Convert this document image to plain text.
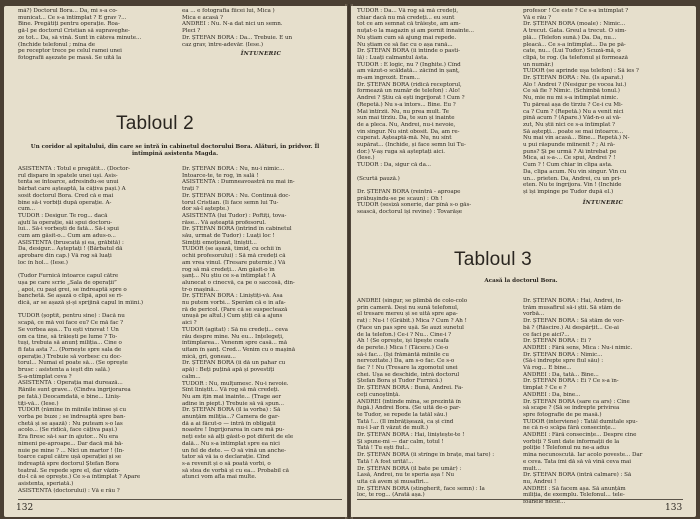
mâ?) Doctorul Bora... Da, mi s-a co-

municat... Ce s-a întîmplat ? E grav ?...

Bine. Pregătiți pentru operație. Roa-

gă-l pe doctorul Cristian să supraveghe-

ze tot... Da, să vină. Sunt în câteva minute...

(Închide telefonul ; mîna de

pe receptor trece pe celul ramei unei

fotografii așezate pe masă. Se uită la

ea ... e fotografia fiicei lui, Mica )

Mica e acasă ?

ANDREI : Nu. N-a dat nici un semn.

Pleci ?

Dr. ȘTEFAN BORA : Da... Trebuie. E un

caz grav, între-adevăr. (Iese.)

ÎNTUNERIC

Tabloul 2
Un coridor al spitalului, din care se intră în cabinetul doctorului Bora. Alături, în pridvor. Îl întîmpină asistenta Magda.

ASISTENTA : Totul e pregătit... (Doctor-

rul dispare în spatele unei uși. Asis-

tenta se întoarce, adresîndu-se unui

bărbat care așteaptă, la câțiva pași.) A

sosit doctorul Bora. Cred că e mai

bine să-i vorbiți după operație. A-

cum...

TUDOR : Desigur. Te rog... dacă

ajutî la operație, săi spui doctoru-

lui... Să-i vorbești de fată... Să-i spui

cum am găsit-o... Cum am adus-o...

ASISTENTA (bruscată și ea, grăbită) :

Da, desigur... Așteptați ! (Bărbatul dă

aprobare din cap.) Vă rog să luați

loc în hol... (Iese.)

(Tudor Furnică întoarce capul către

ușa pe care scrie „Sala de operații”

, apoi, cu pași grei, se îndreaptă spre o

banchetă. Se așază o clipă, apoi se ri-

dică, ar se așază și-și sprijină capul în mîini.)

TUDOR (șoptit, pentru sine) : Dacă nu

scapă, ce mă voi face eu? Ce mă fac ?

Se vorbea așa... Tu ești vinovat ! Un

om ca tine, să trăiești pe lume ? To-

tuși, trebuia să anunț miliția... Cine o

fi fata asta ?... (Pornește spre sala de

operație.) Trebuie să vorbesc cu doc-

torul... Numai el poate să... (Se oprește

brusc : asistenta a ieșit din sală.)

S-a-ntîmplat ceva ?

ASISTENTA : Operația mai durează...

Rănile sunt grave... (Cîndva îngrijorarea

pe fată.) Deocamdată, e bine... Liniș-

tiți-vă... (Iese.)

TUDOR (rămîne în mîinile întinse și cu

vorba pe buze ; se îndreaptă spre ban-

chetă și se așază) : Nu puteam s-o las

acolo... (Se ridică, face câțiva pași.)

Era firesc să-i sar în ajutor... Nu era

nimeni pe-aproape... Dar dacă mă bă-

nuie pe mine ? ... Nici un martor ! (În-

toarce capul către ușă operației și se

îndreaptă spre doctorul Ștefan Bora

teatral. Se repede spre el, dar văzîn-

du-l că se oprește.) Ce s-a întîmplat ? Apare

asistenta, speriată.)

ASISTENTA (doctorului) : Vă e rău ?

Dr. ȘTEFAN BORA : Nu, nu-i nimic...

Întoarce-te, te rog, în sală !

ASISTENTA : Dumneavoastră nu mai in-

trați ?

Dr. ȘTEFAN BORA : Nu. Continuă doc-

torul Cristian. (Îi face semn lui Tu-

dor să-l aștepte.)

ASISTENTA (lui Tudor) : Poftiți, tova-

răse... Vă așteaptă profesorul.

Dr. ȘTEFAN BORA (intrînd în cabinetul

său, urmat de Tudor) : Luați loc !

Simțiți emoționat, liniștit...

TUDOR (se așază, timid, cu ochii în

ochii profesorului) : Să mă credeți că

am vrea vinul. (Tresare puternic.) Vă

rog să mă credeți... Am găsit-o în

șanț... Nu știu ce s-a întîmplat ! A

alunecat o cinecvă, ca pe o saccosă, din-

tr-o mașină...

Dr. ȘTEFAN BORA : Liniștiți-vă. Asa

nu putem vorbi... Sperăm că e în afa-

ră de pericol. (Pare că se suspectează

unușă pe altul.) Cum știți că a ajuns

aici ?

TUDOR (agitat) : Să nu credeți... ceva

rău despre mine. Nu eu... Înțelegeți,

întîmplarea... Venenm spre casă... mă

uitam în șanț. Cred... Venim cu o mașină

mică, gri, goneau...

Dr. ȘTEFAN BORA (îi dă un pahar cu

apă) : Beți puțină apă și povestiți

calm...

TUDOR : Nu, mulțumesc. Nu-i nevoie.

Sînt liniștit... Vă rog să mă credeți.

Nu am ițin mai înainte... (Trage aer

adine în piept.) Trebuie să vă spun...

Dr. ȘTEFAN BORA (îl ia vorba) : Să

anunțăm miliția...? Camera de gar-

dă a ai făcut-o — intră în obligații

noastre ! Îngrijorarea în care mă pu-

neți este să alți găsit-o pot diferit de ele

dală... Nu s-a întîmplat spre ea nici

un fel de dete. — O să vină un anche-

tator să vă ia o declarație. Cînd

s-a revenit și o să poată vorbi, o

să stea de vorbă și cu ea... Probabil că

atunci vom afla mai multe.

132

TUDOR : Da... Vă rog să mă credeți,

chiar dacă nu mă credeți... eu sunt

tot ce am semnat că trăiește, am am-

nuțat-o la magazin și am pornit înnainte...

Nu știam cum să ajung mai repede.

Nu știam ce să fac cu o așa rană...

Dr. ȘTEFAN BORA (îi întinde o pasti-

lă) : Luați calmantul ăsta.

TUDOR : E logic, nu ? (Înghite.) Cînd

am văzut-o scăldată... zăcînd în șanț,

m-am îngrozit. Eram...

Dr. ȘTEFAN BORA (ridică receptorul,

formează un număr de telefon) : Alo!

Andrei ? Știu că ești îngrijorat ! Cum ?

(Repetă.) Nu s-a întors... Bine. Eu ?

Mai întîrzii. Nu, nu prea mult. Te

sun mai tîrziu. Da, te sun și înainte

de a pleca. Nu, Andrei, nu-i nevoie,

vin singur. Nu sint obosit. Da, am re-

cuperat. Așteaptă-mă. Nu, nu sînt

supărat... (Închide, și face semn lui Tu-

dor.) V-aș ruga să așteptați aici.

(Iese.)

TUDOR : Da, sigur că da...

(Scurtă pauză.)

Dr. ȘTEFAN BORA (reintră - aproape

prăbușindu-se pe scaun) : Oh !

TUDOR (sesiză sonerie, dar pînă s-o găs-

sească, doctorul își revine) : Tovarășe

profesor ! Ce este ? Ce s-a întîmplat ?

Vă e rău ?

Dr. ȘTEFAN BORA (moale) : Nimic...

A trecut. Gata. Greul a trecut. O sim-

plă... (Telefon sună.) Da. Da, nu...

pleacă... Ce s-a întîmplat... Da pe pă-

cate, nu... (Lui Tudor.) Scuză-mă, o

clipă, te rog. (Ia telefonul și formează

un număr.)

TUDOR (se aprinde ușa telefon) : Să ies ?

Dr. ȘTEFAN BORA : Nu. (Îs aparat.)

Alo ! Andrei ? (Nesigur pe vocea lui.)

Ce să fie ? Nimic. (Schimbă tonul.)

Nu, mie nu mi s-a întîmplat nimic.

Tu păreai așa de tîrziu ? Ce-i cu Mi-

ca ? Cum ? (Repetă.) Nu a venit nici

pînă acum ? (Apare.) Văd-n-o ai vă-

zut, Nu știi nici ce s-a întîmplat ?

Să aștepți... poate se mai întoarce...

Nu mai vin acasă... Bine... Repetă.) N-

u pui răspunde mîinenit ? ; Ai ră-

puns? Și pe urmă ? Ai întrebat pe

Mica, ai s-a-... Ce spui, Andrei ? !

Cum ? ! Cum chiar în clipa asta.

Da, clipa acum. Nu vin singur. Vin cu

un... prieten. Da, Andrei, cu un pri-

eten. Nu te îngrijora. Vin ! (Închide

și își împinge pe Tudor după el.)

ÎNTUNERIC

Tabloul 3
Acasă la doctorul Bora.

ANDREI (singur, se plimbă de colo-colo

prin cameră. Deși nu sună telefonul,

el tresare mereu și se uită spre apa-

rat) : Nu-i ! (Grăbit.) Mica ? Cum ? Ah !

(Face un pas spre ușă. Se auzi sunetul

de la telefon.) Ce-i ? Nu... Cine-i ?

Ah ! (Se oprește, își lipește ceafa

de perete.) Mica ! (Tăcere.) Ce-o

să-i fac... (Își frământă mîinile cu

nervozitate.) Da, am s-o fac. Ce s-o

fac ? ! Nu (Tresare la zgomotul unei

chei. Ușa se deschide, intră doctorul

Ștefan Bora și Tudor Furnică.)

Dr. ȘTEFAN BORA : Bună, Andrei. Fa-

ceți cunoștință.

ANDREI (întinde mîna, se prezintă în

fugă.) Andrei Bora. (Se uită de-o par-

te Tudor, se repede la tatăl său.)

Tată !... (Îl îmbrățișează, ca și cînd

nu-i l-ar fi văzut de mult.)

Dr. ȘTEFAN BORA : Hai, liniștește-te !

Și spune-mi — dar calm, totul !

Tată ! Tu ești fiul...

Dr. ȘTEFAN BORA (îi strînge în brațe, mai tare) :

Tată ! A fost urîtă!...

Dr. ȘTEFAN BORA (îl bate pe umăr) :

Lasă, Andrei, nu te speria așa ! Nu

uita că avem și musafiri...

Dr. ȘTEFAN BORA (stingherit, face semn) : Ia

loc, te rog... (Arată așa.)

Dr. ȘTEFAN BORA : Hai, Andrei, in-

trăm musafirul să-i știi. Să stăm de

vorbă...

Dr. ȘTEFAN BORA : Să stăm de vor-

bă ? (Răscire.) Ai despărțit... Ce-ai

ce faci pe aici?...

Dr. ȘTEFAN BORA : Ei ?

ANDREI : Fără sens, Mica : Nu-i nimic.

Dr. ȘTEFAN BORA : Nimic...

(Să-i îndrepte spre fiul său) :

Vă rog... E bine...

ANDREI : Da, tată... Bine...

Dr. ȘTEFAN BORA : Ei ? Ce s-a în-

tîmplat ? Ce e ?

ANDREI : Da, bine...

Dr. ȘTEFAN BORA (sare ca ars) : Cine

să scape ? (Să se îndrepte privirea

spre fotografie de pe masă.)

TUDOR (interviene) : Tatăl dumitale spu-

ne că n-o scăpa fără consecințe...

ANDREI : Fără consecințe... Despre cine

vorbiți ? Sunt date informații de la

poliție ! Telefonul nu ne-a adus

mîna necunoscută. Iar acolo poveste... Dar

e ceva. Tata îmi dă să vă vină ceva mai

mult...

Dr. ȘTEFAN BORA (intră calmare) : Să

nu, Andrei !

ANDREI : Să facem așa. Să anunțăm

miliția, de exemplu. Telefonul... tele-

foanele necle...

133
